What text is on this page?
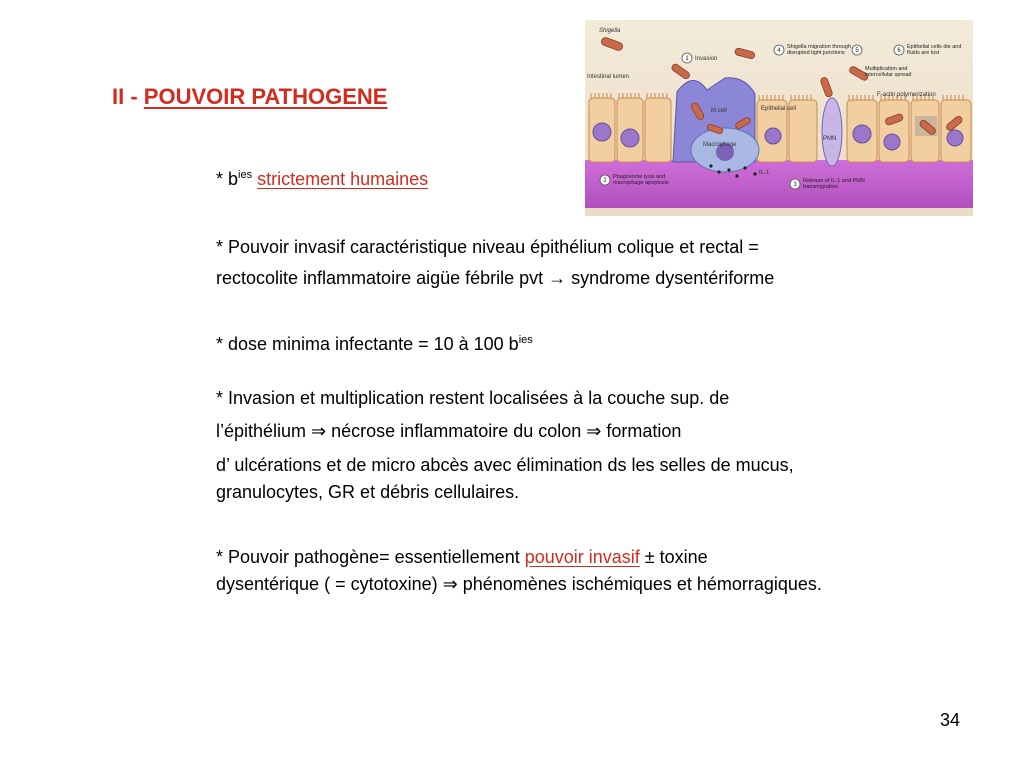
II - POUVOIR PATHOGENE
1
2
3
4	5	6
Shigella
Intestinal lumen
Invasion
M cell	Epithelial cell
Macrophage
PMN
IL-1
F-actin polymerization
Phagosome lysis and macrophage apoptosis	Release of IL-1 and PMN transmigration
Shigella migration through disrupted tight junctions
Multiplication and intercellular spread
Epithelial cells die and fluids are lost
* $b^{ies}$ strictement humaines
* Pouvoir invasif caractéristique niveau épithélium colique et rectal =
rectocolite inflammatoire aigüe fébrile pvt → syndrome dysentériforme
* dose minima infectante = 10 à 100 $b^{ies}$
* Invasion et multiplication restent localisées à la couche sup. de
l’épithélium ⇒ nécrose inflammatoire du colon ⇒ formation
d’ ulcérations et de micro abcès avec élimination ds les selles de mucus,
granulocytes, GR et débris cellulaires.
* Pouvoir pathogène= essentiellement pouvoir invasif ± toxine
dysentérique ( = cytotoxine) ⇒ phénomènes ischémiques et hémorragiques.
34
